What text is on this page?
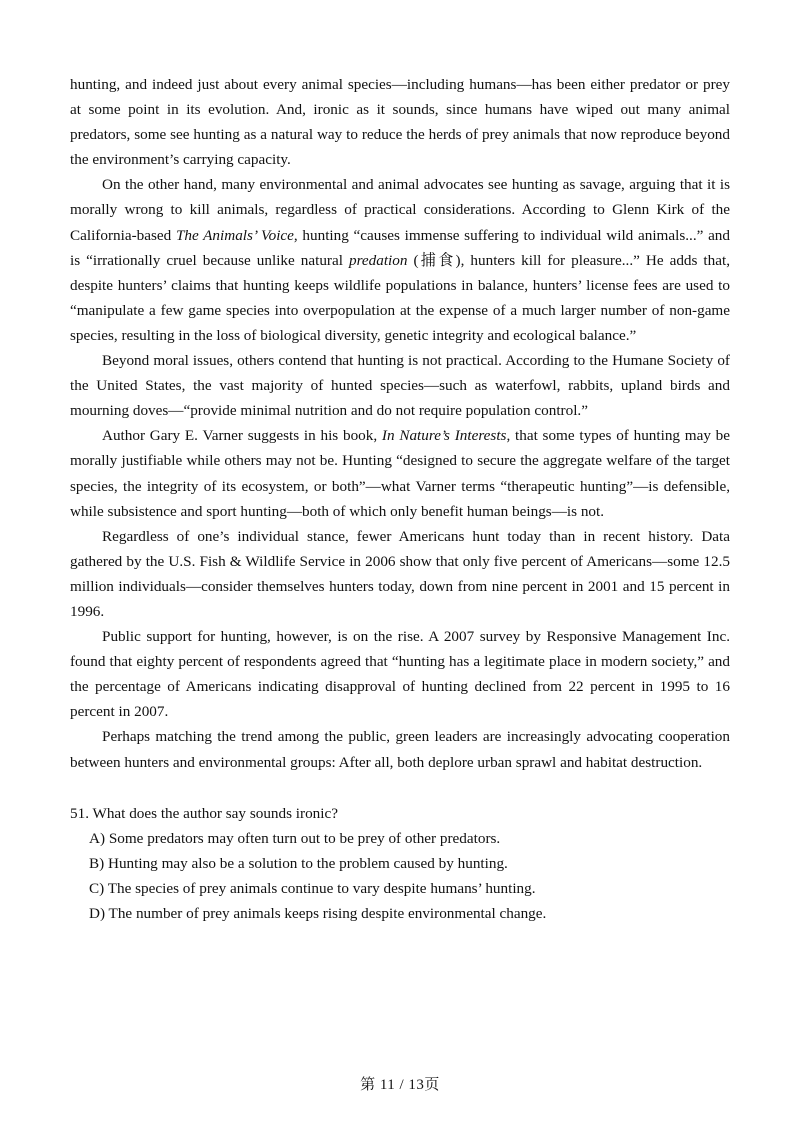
hunting, and indeed just about every animal species—including humans—has been either predator or prey at some point in its evolution. And, ironic as it sounds, since humans have wiped out many animal predators, some see hunting as a natural way to reduce the herds of prey animals that now reproduce beyond the environment’s carrying capacity.

On the other hand, many environmental and animal advocates see hunting as savage, arguing that it is morally wrong to kill animals, regardless of practical considerations. According to Glenn Kirk of the California-based The Animals’ Voice, hunting “causes immense suffering to individual wild animals...” and is “irrationally cruel because unlike natural predation (捕食), hunters kill for pleasure...” He adds that, despite hunters’ claims that hunting keeps wildlife populations in balance, hunters’ license fees are used to “manipulate a few game species into overpopulation at the expense of a much larger number of non-game species, resulting in the loss of biological diversity, genetic integrity and ecological balance.”

Beyond moral issues, others contend that hunting is not practical. According to the Humane Society of the United States, the vast majority of hunted species—such as waterfowl, rabbits, upland birds and mourning doves—“provide minimal nutrition and do not require population control.”

Author Gary E. Varner suggests in his book, In Nature’s Interests, that some types of hunting may be morally justifiable while others may not be. Hunting “designed to secure the aggregate welfare of the target species, the integrity of its ecosystem, or both”—what Varner terms “therapeutic hunting”—is defensible, while subsistence and sport hunting—both of which only benefit human beings—is not.

Regardless of one’s individual stance, fewer Americans hunt today than in recent history. Data gathered by the U.S. Fish & Wildlife Service in 2006 show that only five percent of Americans—some 12.5 million individuals—consider themselves hunters today, down from nine percent in 2001 and 15 percent in 1996.

Public support for hunting, however, is on the rise. A 2007 survey by Responsive Management Inc. found that eighty percent of respondents agreed that “hunting has a legitimate place in modern society,” and the percentage of Americans indicating disapproval of hunting declined from 22 percent in 1995 to 16 percent in 2007.

Perhaps matching the trend among the public, green leaders are increasingly advocating cooperation between hunters and environmental groups: After all, both deplore urban sprawl and habitat destruction.

51. What does the author say sounds ironic?

A) Some predators may often turn out to be prey of other predators.
B) Hunting may also be a solution to the problem caused by hunting.
C) The species of prey animals continue to vary despite humans’ hunting.
D) The number of prey animals keeps rising despite environmental change.
第 11 / 13页
